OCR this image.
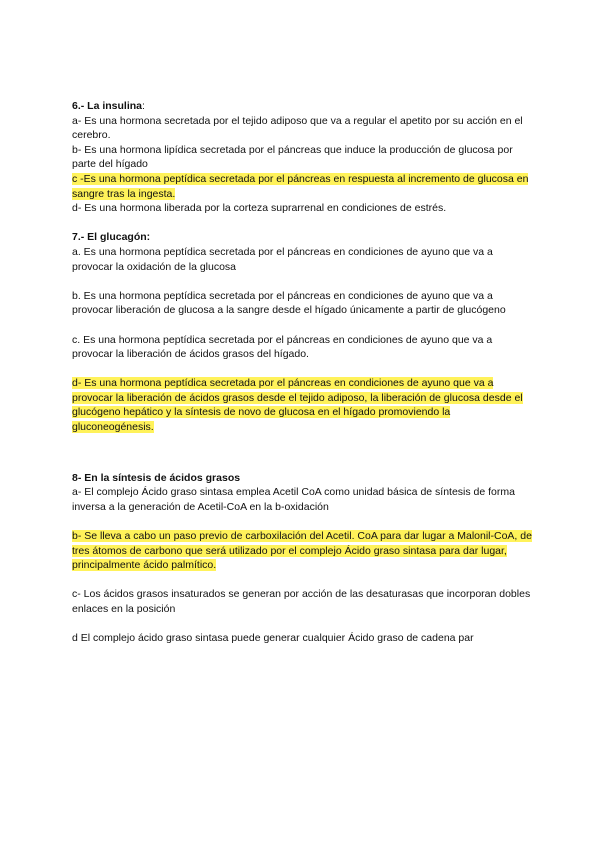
6.- La insulina:
a- Es una hormona secretada por el tejido adiposo que va a regular el apetito por su acción en el cerebro.
b- Es una hormona lipídica secretada por el páncreas que induce la producción de glucosa por parte del hígado
c -Es una hormona peptídica secretada por el páncreas en respuesta al incremento de glucosa en sangre tras la ingesta.
d- Es una hormona liberada por la corteza suprarrenal en condiciones de estrés.
7.- El glucagón:
a. Es una hormona peptídica secretada por el páncreas en condiciones de ayuno que va a provocar la oxidación de la glucosa
b. Es una hormona peptídica secretada por el páncreas en condiciones de ayuno que va a provocar liberación de glucosa a la sangre desde el hígado únicamente a partir de glucógeno
c. Es una hormona peptídica secretada por el páncreas en condiciones de ayuno que va a provocar la liberación de ácidos grasos del hígado.
d- Es una hormona peptídica secretada por el páncreas en condiciones de ayuno que va a provocar la liberación de ácidos grasos desde el tejido adiposo, la liberación de glucosa desde el glucógeno hepático y la síntesis de novo de glucosa en el hígado promoviendo la gluconeogénesis.
8- En la síntesis de ácidos grasos
a- El complejo Ácido graso sintasa emplea Acetil CoA como unidad básica de síntesis de forma inversa a la generación de Acetil-CoA en la b-oxidación
b- Se lleva a cabo un paso previo de carboxilación del Acetil. CoA para dar lugar a Malonil-CoA, de tres átomos de carbono que será utilizado por el complejo Ácido graso sintasa para dar lugar, principalmente ácido palmítico.
c- Los ácidos grasos insaturados se generan por acción de las desaturasas que incorporan dobles enlaces en la posición
d El complejo ácido graso sintasa puede generar cualquier Ácido graso de cadena par
